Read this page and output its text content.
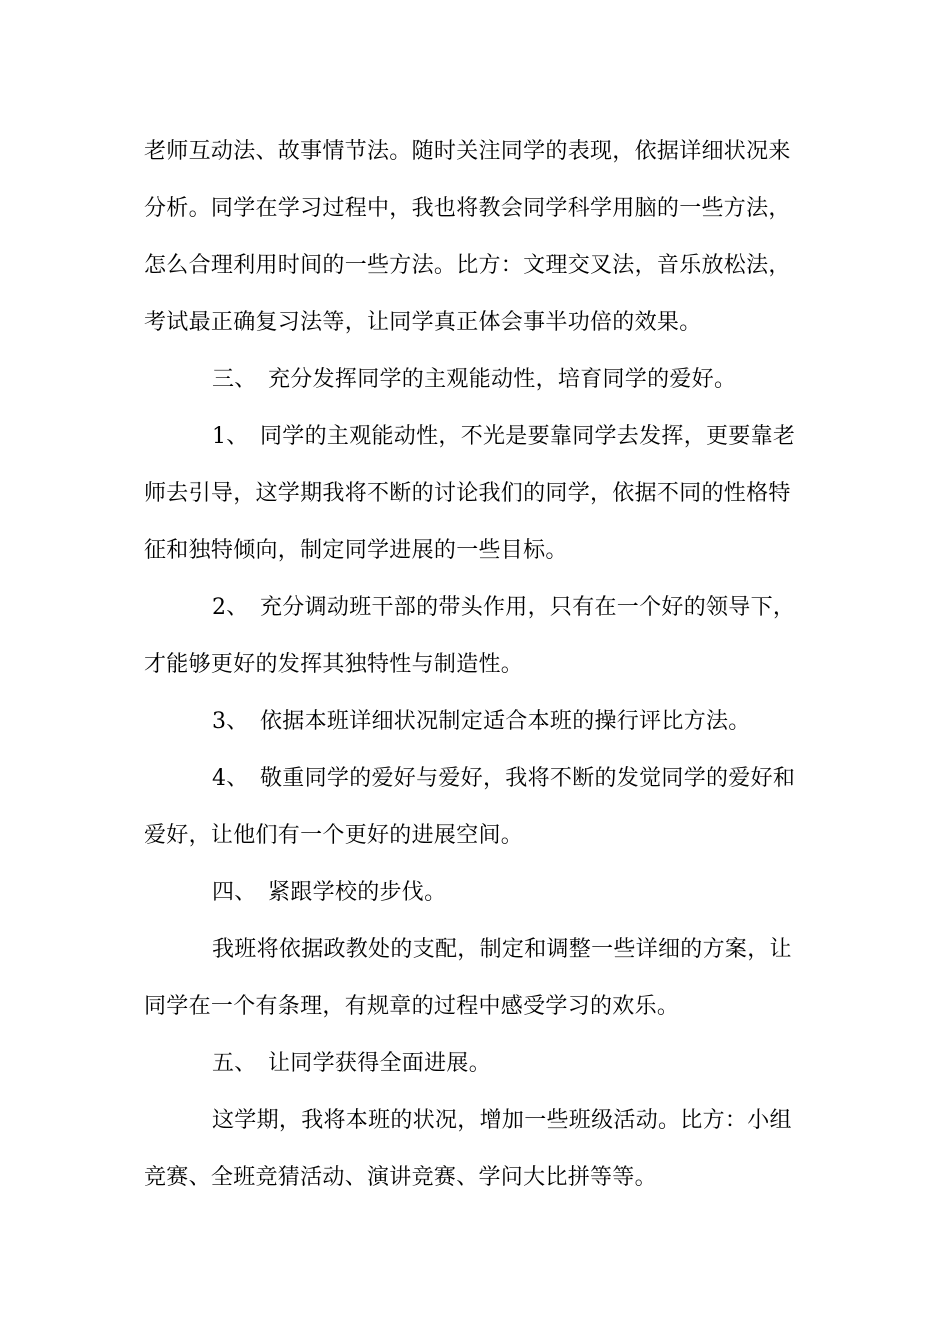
老师互动法、故事情节法。随时关注同学的表现，依据详细状况来
分析。同学在学习过程中，我也将教会同学科学用脑的一些方法，
怎么合理利用时间的一些方法。比方：文理交叉法，音乐放松法，
考试最正确复习法等，让同学真正体会事半功倍的效果。
三、 充分发挥同学的主观能动性，培育同学的爱好。
1、 同学的主观能动性，不光是要靠同学去发挥，更要靠老
师去引导，这学期我将不断的讨论我们的同学，依据不同的性格特
征和独特倾向，制定同学进展的一些目标。
2、 充分调动班干部的带头作用，只有在一个好的领导下，
才能够更好的发挥其独特性与制造性。
3、 依据本班详细状况制定适合本班的操行评比方法。
4、 敬重同学的爱好与爱好，我将不断的发觉同学的爱好和
爱好，让他们有一个更好的进展空间。
四、 紧跟学校的步伐。
我班将依据政教处的支配，制定和调整一些详细的方案，让
同学在一个有条理，有规章的过程中感受学习的欢乐。
五、 让同学获得全面进展。
这学期，我将本班的状况，增加一些班级活动。比方：小组
竞赛、全班竞猜活动、演讲竞赛、学问大比拼等等。
